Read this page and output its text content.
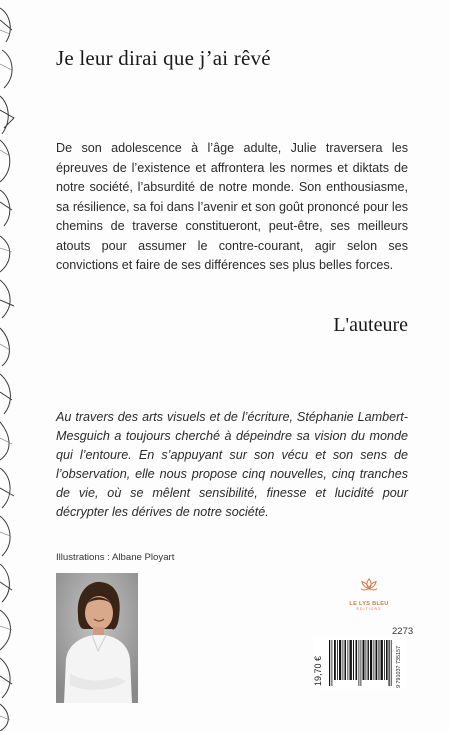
Je leur dirai que j’ai rêvé

De son adolescence à l’âge adulte, Julie traversera les épreuves de l’existence et affrontera les normes et diktats de notre société, l’absurdité de notre monde. Son enthousiasme, sa résilience, sa foi dans l’avenir et son goût prononcé pour les chemins de traverse constitueront, peut-être, ses meilleurs atouts pour assumer le contre-courant, agir selon ses convictions et faire de ses différences ses plus belles forces.

L'auteure

Au travers des arts visuels et de l’écriture, Stéphanie Lambert-Mesguich a toujours cherché à dépeindre sa vision du monde qui l’entoure. En s’appuyant sur son vécu et son sens de l’observation, elle nous propose cinq nouvelles, cinq tranches de vie, où se mêlent sensibilité, finesse et lucidité pour décrypter les dérives de notre société.

Illustrations : Albane Ployart
LE LYS BLEU
ÉDITIONS
2273
19,70 €	9 791037 735157
